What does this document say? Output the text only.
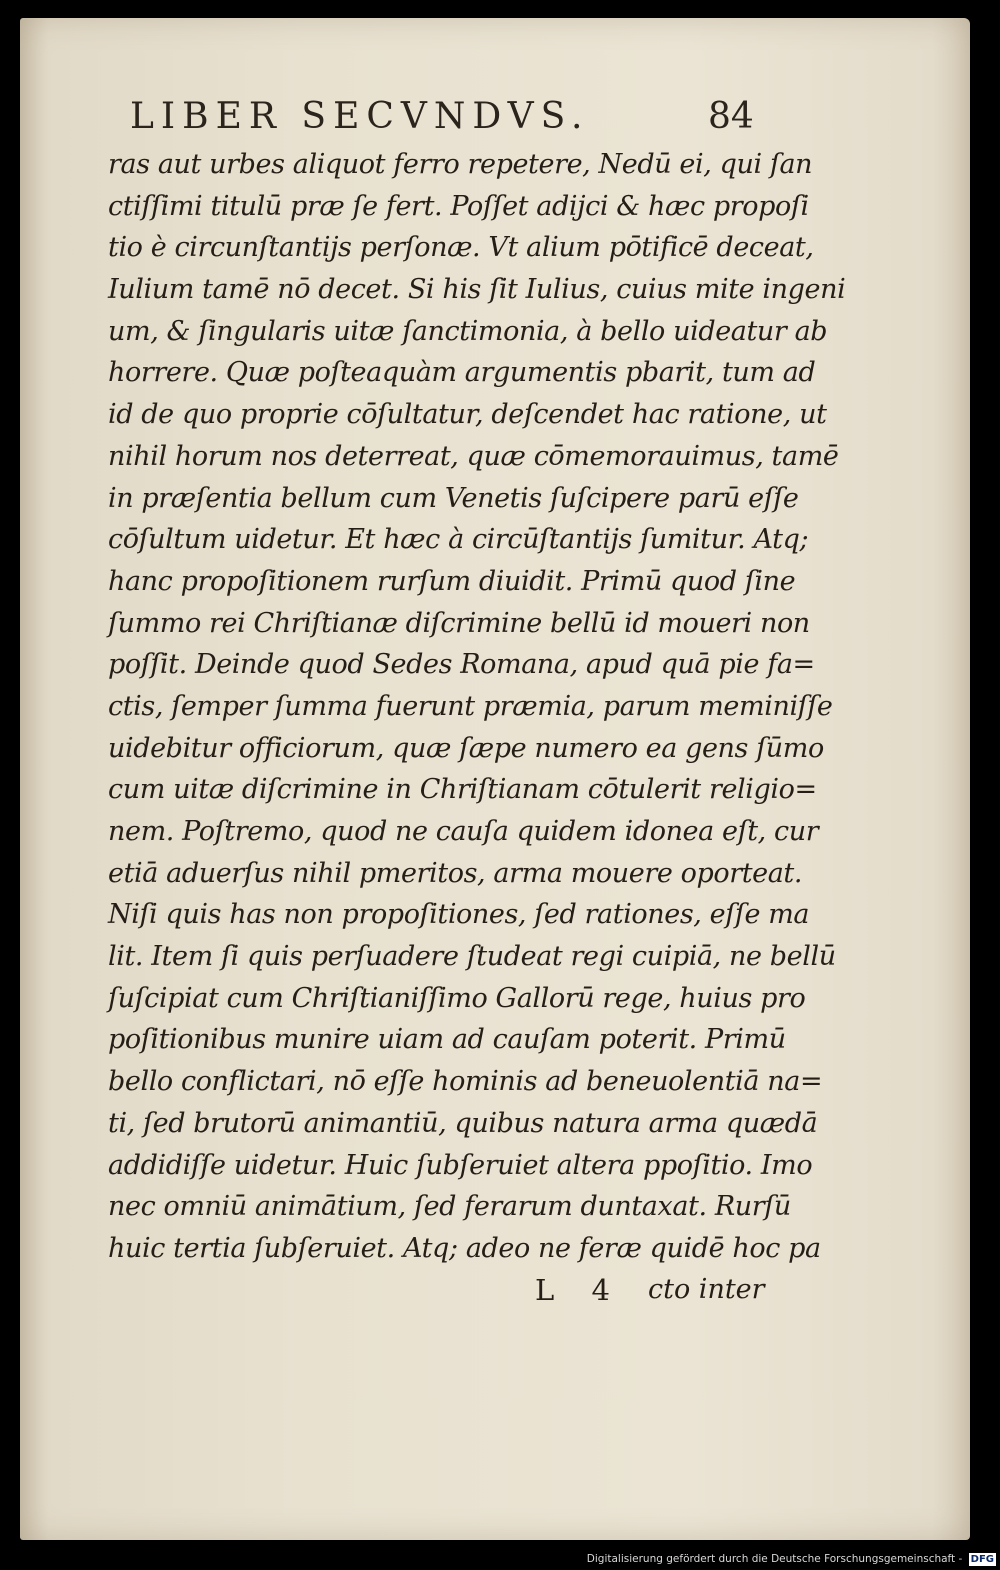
LIBER SECVNDVS.	84
ras aut urbes aliquot ferro repetere, Nedū ei, qui ſan
ctiſſimi titulū præ ſe fert. Poſſet adijci & hæc propoſi
tio è circunſtantijs perſonæ. Vt alium pōtificē deceat,
Iulium tamē nō decet. Si his ſit Iulius, cuius mite ingeni
um, & ſingularis uitæ ſanctimonia, à bello uideatur ab
horrere. Quæ poſteaquàm argumentis pbarit, tum ad
id de quo proprie cōſultatur, deſcendet hac ratione, ut
nihil horum nos deterreat, quæ cōmemorauimus, tamē
in præſentia bellum cum Venetis ſuſcipere parū eſſe
cōſultum uidetur. Et hæc à circūſtantijs ſumitur. Atq;
hanc propoſitionem rurſum diuidit. Primū quod ſine
ſummo rei Chriſtianæ diſcrimine bellū id moueri non
poſſit. Deinde quod Sedes Romana, apud quā pie fa=
ctis, ſemper ſumma fuerunt præmia, parum meminiſſe
uidebitur officiorum, quæ ſæpe numero ea gens ſūmo
cum uitæ diſcrimine in Chriſtianam cōtulerit religio=
nem. Poſtremo, quod ne cauſa quidem idonea eſt, cur
etiā aduerſus nihil pmeritos, arma mouere oporteat.
Niſi quis has non propoſitiones, ſed rationes, eſſe ma
lit. Item ſi quis perſuadere ſtudeat regi cuipiā, ne bellū
ſuſcipiat cum Chriſtianiſſimo Gallorū rege, huius pro
poſitionibus munire uiam ad cauſam poterit. Primū
bello conflictari, nō eſſe hominis ad beneuolentiā na=
ti, ſed brutorū animantiū, quibus natura arma quædā
addidiſſe uidetur. Huic ſubſeruiet altera ppoſitio. Imo
nec omniū animātium, ſed ferarum duntaxat. Rurſū
huic tertia ſubſeruiet. Atq; adeo ne feræ quidē hoc pa
L 4 cto inter
Digitalisierung gefördert durch die Deutsche Forschungsgemeinschaft - DFG
